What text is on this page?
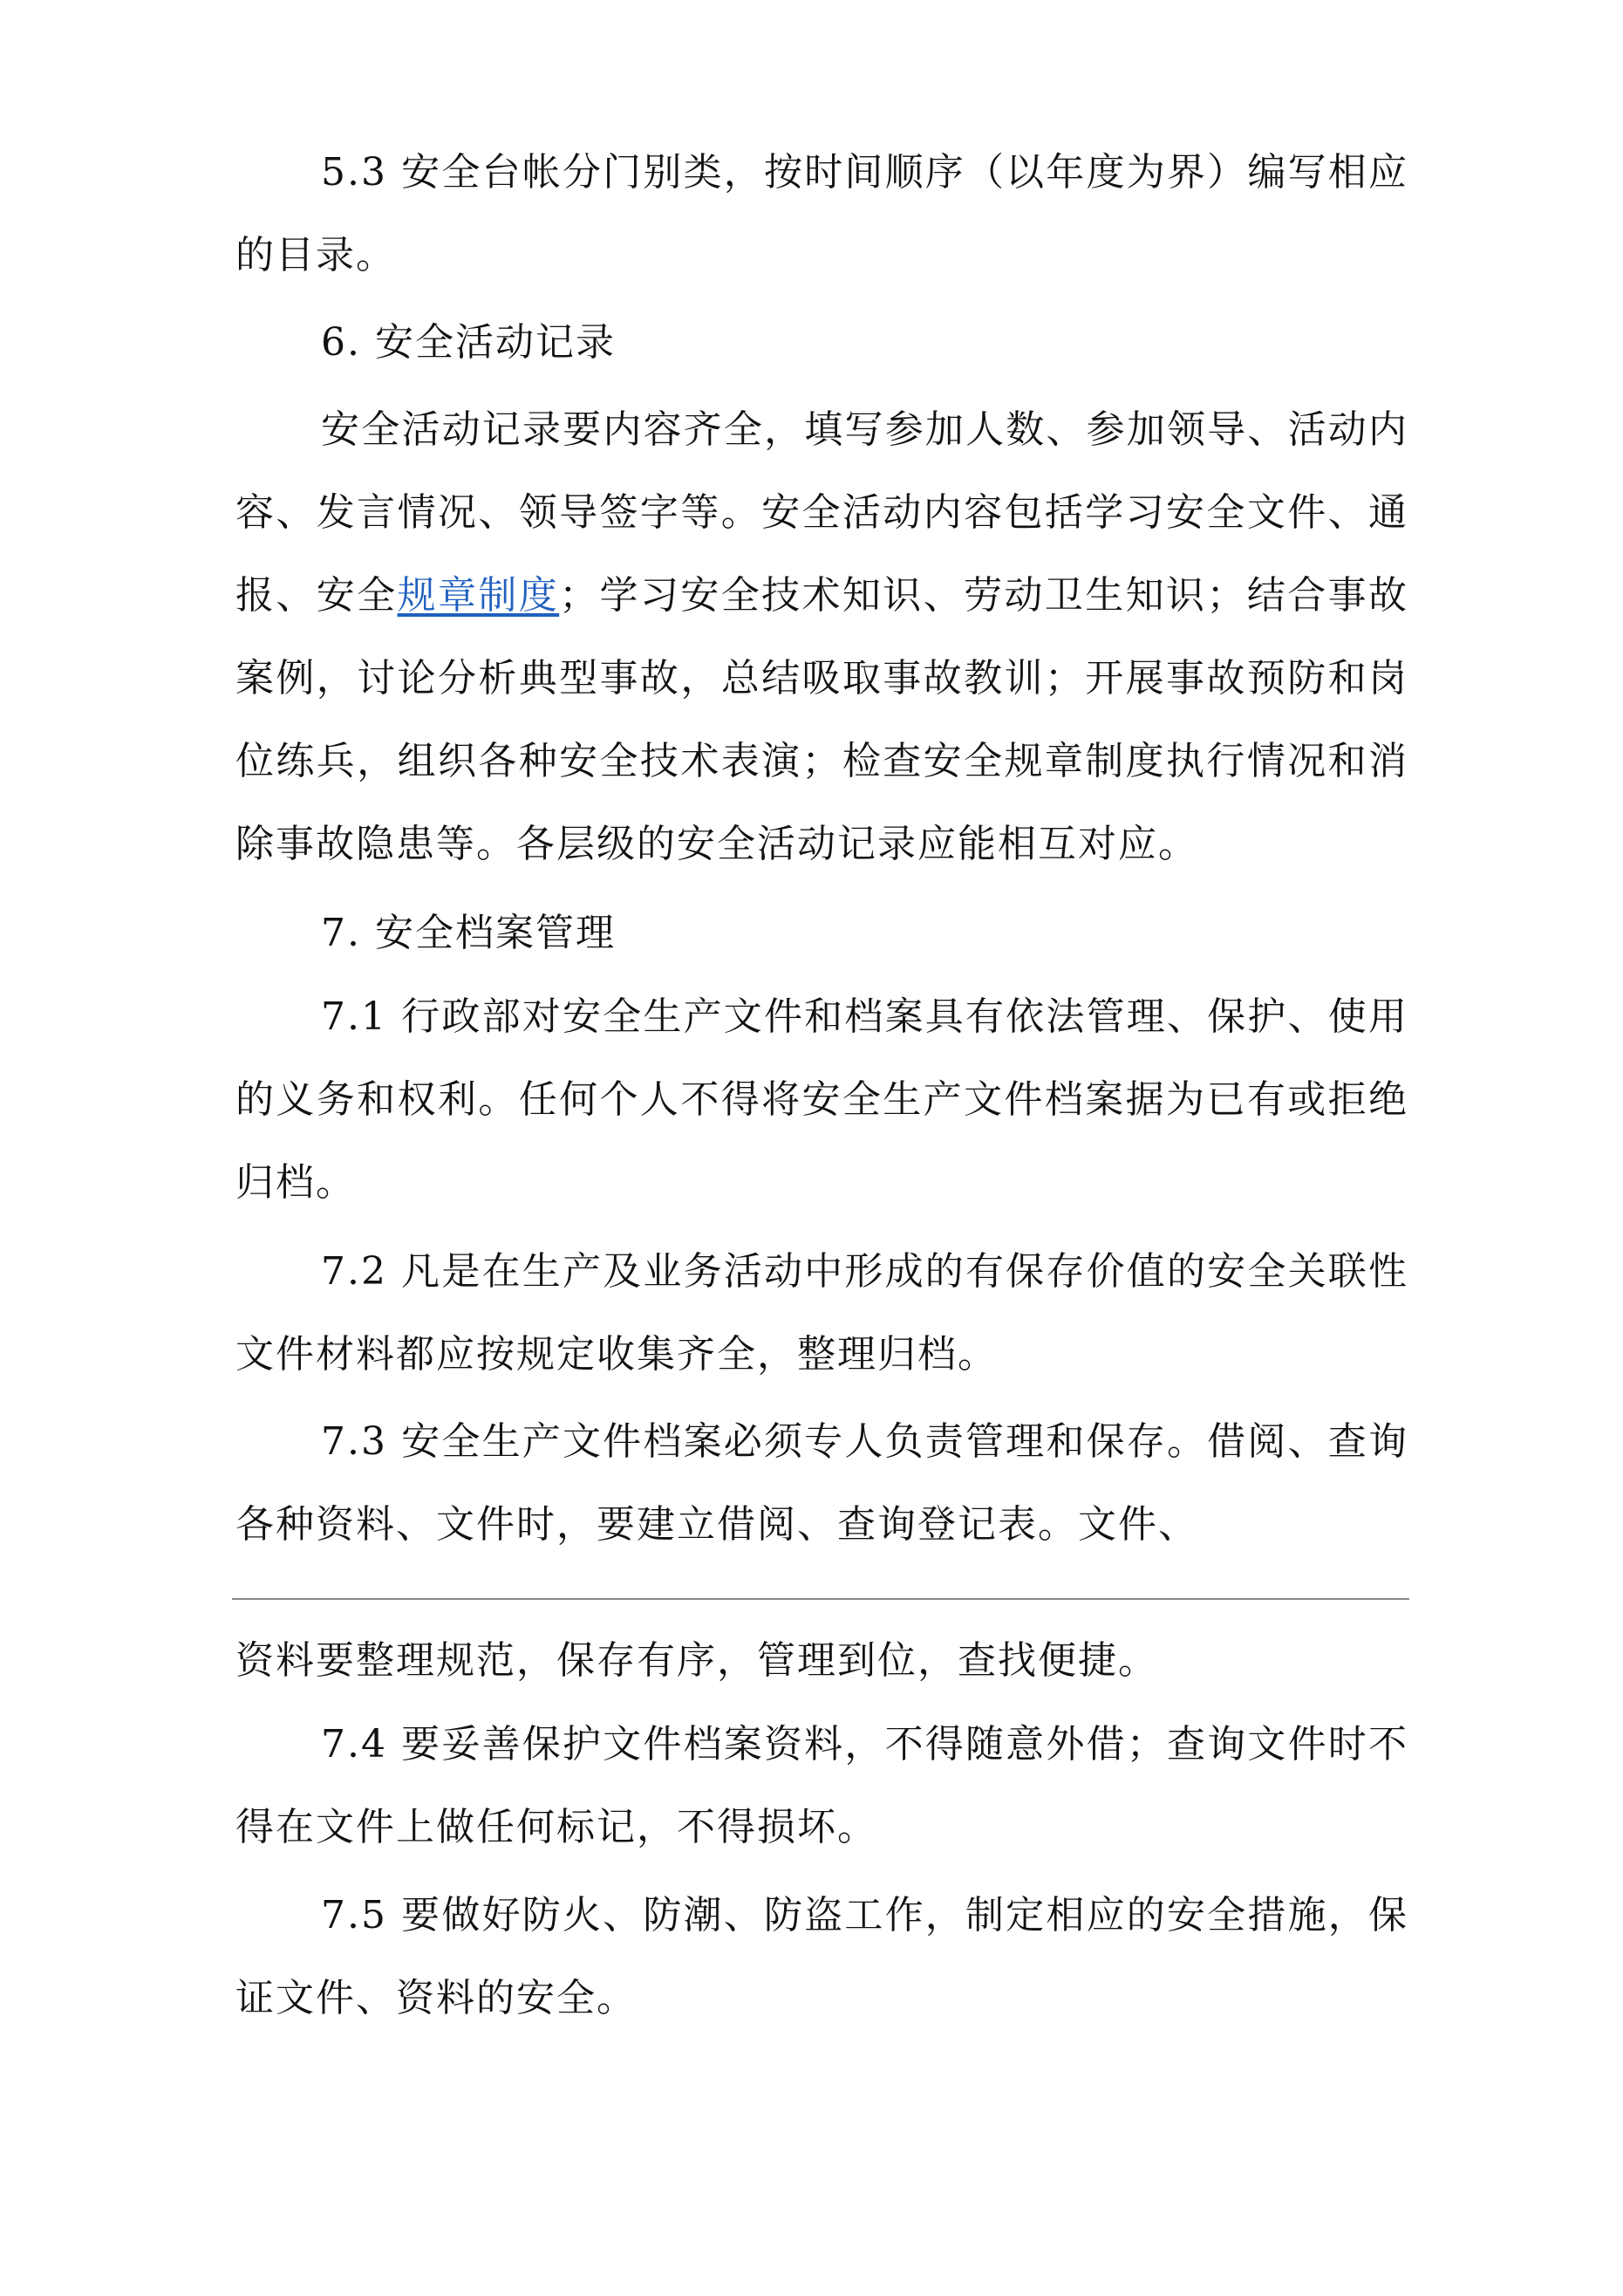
5.3 安全台帐分门别类，按时间顺序（以年度为界）编写相应的目录。

6. 安全活动记录

安全活动记录要内容齐全，填写参加人数、参加领导、活动内容、发言情况、领导签字等。安全活动内容包括学习安全文件、通报、安全规章制度；学习安全技术知识、劳动卫生知识；结合事故案例，讨论分析典型事故，总结吸取事故教训；开展事故预防和岗位练兵，组织各种安全技术表演；检查安全规章制度执行情况和消除事故隐患等。各层级的安全活动记录应能相互对应。

7. 安全档案管理

7.1 行政部对安全生产文件和档案具有依法管理、保护、使用的义务和权利。任何个人不得将安全生产文件档案据为已有或拒绝归档。

7.2 凡是在生产及业务活动中形成的有保存价值的安全关联性文件材料都应按规定收集齐全，整理归档。

7.3 安全生产文件档案必须专人负责管理和保存。借阅、查询各种资料、文件时，要建立借阅、查询登记表。文件、

资料要整理规范，保存有序，管理到位，查找便捷。

7.4 要妥善保护文件档案资料，不得随意外借；查询文件时不得在文件上做任何标记，不得损坏。

7.5 要做好防火、防潮、防盗工作，制定相应的安全措施，保证文件、资料的安全。
